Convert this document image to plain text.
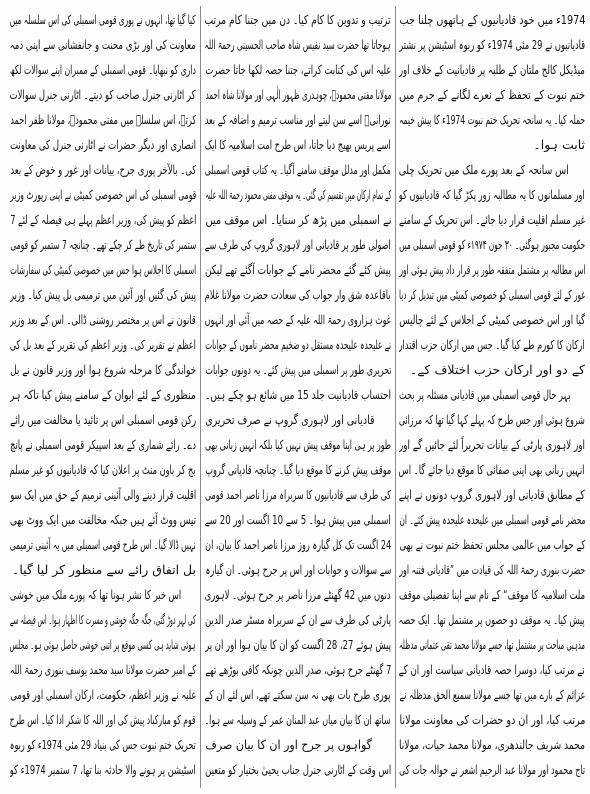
1974ء میں خود قادیانیوں کے ہاتھوں چلنا جب
قادیانیوں نے 29 مئی 1974ء کو ربوہ اسٹیشن پر نشتر
میڈیکل کالج ملتان کے طلبہ پر قادیانیت کے خلاف اور
ختم نبوت کے تحفظ کے نعرے لگانے کے جرم میں
حملہ کیا۔ یہ سانحہ تحریک ختم نبوت 1974ء کا پیش خیمہ
ثابت ہوا۔
اس سانحہ کے بعد پورے ملک میں تحریک چلی
اور مسلمانوں کا یہ مطالبہ زور پکڑ گیا کہ قادیانیوں کو
غیر مسلم اقلیت قرار دیا جائے۔ اس تحریک کے سامنے
حکومت مجبور ہوگئی۔ ۳۰ جون ۱۹۷۴ء کو قومی اسمبلی میں
اس مطالبہ پر مشتمل متفقہ طور پر قرار داد پیش ہوئی اور
غور کے لئے قومی اسمبلی کو خصوصی کمیٹی میں تبدیل کر دیا
گیا اور اس خصوصی کمیٹی کے اجلاس کے لئے چالیس
ارکان کا کورم طے کیا گیا۔ جس میں ارکان حزب اقتدار
کے دو اور ارکان حزب اختلاف کے۔
بہر حال قومی اسمبلی میں قادیانی مسئلہ پر بحث
شروع ہوئی اور جس طرح کہ پہلے کہا گیا تھا کہ مرزائی
اور لاہوری پارٹی کے بیانات تحریراً لئے جائیں گے اور
انہیں زبانی بھی اپنی صفائی کا موقع دیا جائے گا۔ اس
کے مطابق قادیانی اور لاہوری گروپ دونوں نے اپنے
محضر نامے قومی اسمبلی میں علیحدہ علیحدہ پیش کئے۔ ان
کے جواب میں عالمی مجلس تحفظ ختم نبوت نے بھی
حضرت بنوری رحمۃ اللہ کی قیادت میں ”قادیانی فتنہ اور
ملت اسلامیہ کا موقف“ کے نام سے اپنا تفصیلی موقف
پیش کیا۔ یہ موقف دو حصوں پر مشتمل تھا۔ ایک حصہ
مذہبی مباحث پر مشتمل تھا، جسے مولانا محمد تقی عثمانی مدظلہ
نے مرتب کیا، دوسرا حصہ قادیانی سیاست اور ان کے
عزائم کے بارے میں تھا جسے مولانا سمیع الحق مدظلہ نے
مرتب کیا، اور ان دو حضرات کی معاونت مولانا
محمد شریف جالندھری، مولانا محمد حیات، مولانا
تاج محمود اور مولانا عبد الرحیم اشعر نے حوالہ جات کی
ترتیب و تدوین کا کام کیا۔ دن میں جتنا کام مرتب
ہوجاتا تھا حضرت سید نفیس شاہ صاحب الحسینی رحمۃ اللہ
علیہ اس کی کتابت کراتے، جتنا حصہ لکھا جاتا حضرت
مولانا مفتی محمودؒ، چوہدری ظہور الٰہی اور مولانا شاہ احمد
نورانیؒ اسے سن لیتے اور مناسب ترمیم و اضافہ کے بعد
اسے پریس بھیج دیا جاتا، اس طرح امت اسلامیہ کا ایک
مکمل اور مدلل موقف سامنے آگیا۔ یہ کتاب قومی اسمبلی
کے تمام ارکان میں تقسیم کی گئی۔ یہ موقف مفتی محمود رحمۃ اللہ علیہ
نے اسمبلی میں پڑھ کر سنایا۔ اس موقف میں
اصولی طور پر قادیانی اور لاہوری گروپ کی طرف سے
پیش کئے گئے محضر نامے کے جوابات آگئے تھے لیکن
باقاعدہ شق وار جواب کی سعادت حضرت مولانا غلام
غوث ہزاروی رحمۃ اللہ علیہ کے حصہ میں آئی اور انہوں
نے علیحدہ علیحدہ مستقل دو ضخیم محضر ناموں کے جوابات
تحریری طور پر اسمبلی میں پیش کئے۔ یہ دونوں جوابات
احتساب قادیانیت جلد 15 میں شائع ہو چکے ہیں۔
قادیانی اور لاہوری گروپ نے صرف تحریری
طور پر ہی اپنا موقف پیش نہیں کیا بلکہ انہیں زبانی بھی
موقف پیش کرنے کا موقع دیا گیا۔ چنانچہ قادیانی گروپ
کی طرف سے قادیانیوں کا سربراہ مرزا ناصر احمد قومی
اسمبلی میں پیش ہوا۔ 5 سے 10 اگست اور 20 سے
24 اگست تک کل گیارہ روز مرزا ناصر احمد کا بیان، ان
سے سوالات و جوابات اور اس پر جرح ہوئی۔ ان گیارہ
دنوں میں 42 گھنٹے مرزا ناصر پر جرح ہوئی۔ لاہوری
پارٹی کی طرف سے ان کے سربراہ مسٹر صدر الدین
پیش ہوئے 27، 28 اگست کو ان کا بیان ہوا اور ان پر
7 گھنٹے جرح ہوئی، صدر الدین چونکہ کافی بوڑھے تھے
پوری طرح بات بھی نہ سن سکتے تھے، اس لئے ان کے
ساتھ ان کا بیان میاں عبد المنان عمر کے وسیلہ سے ہوا۔
گواہوں پر جرح اور ان کا بیان صرف
اس وقت کے اٹارنی جنرل جناب یحییٰ بختیار کو متعین
کیا گیا تھا، انہوں نے پوری قومی اسمبلی کی اس سلسلہ میں
معاونت کی اور بڑی محنت و جانفشانی سے اپنی ذمہ
داری کو نبھایا۔ قومی اسمبلی کے ممبران اپنے سوالات لکھ
کر اٹارنی جنرل صاحب کو دیتے۔ اٹارنی جنرل سوالات
کرتے، اس سلسلہ میں مفتی محمودؒ، مولانا ظفر احمد
انصاری اور دیگر حضرات نے اٹارنی جنرل کی معاونت
کی۔ بالآخر پوری جرح، بیانات اور غور و خوض کے بعد
قومی اسمبلی کی اس خصوصی کمیٹی نے اپنی رپورٹ وزیر
اعظم کو پیش کی، وزیر اعظم پہلے ہی فیصلہ کے لئے 7
ستمبر کی تاریخ طے کر چکے تھے۔ چنانچہ 7 ستمبر کو قومی
اسمبلی کا اجلاس ہوا جس میں خصوصی کمیٹی کی سفارشات
پیش کی گئیں اور آئین میں ترمیمی بل پیش کیا۔ وزیر
قانون نے اس پر مختصر روشنی ڈالی۔ اس کے بعد وزیر
اعظم نے تقریر کی۔ وزیر اعظم کی تقریر کے بعد بل کی
خواندگی کا مرحلہ شروع ہوا اور وزیر قانون نے بل
منظوری کے لئے ایوان کے سامنے پیش کیا تاکہ ہر
رکن قومی اسمبلی اس پر تائید یا مخالفت میں رائے
دے۔ رائے شماری کے بعد اسپیکر قومی اسمبلی نے پانچ
بج کر باون منٹ پر اعلان کیا کہ قادیانیوں کو غیر مسلم
اقلیت قرار دینے والی آئینی ترمیم کے حق میں ایک سو
تیس ووٹ آئے ہیں جبکہ مخالفت میں ایک ووٹ بھی
نہیں ڈالا گیا۔ اس طرح قومی اسمبلی میں یہ آئینی ترمیمی
بل اتفاق رائے سے منظور کر لیا گیا۔
اس خبر کا نشر ہونا تھا کہ پورے ملک میں خوشی
کی لہر دوڑ گئی، جگہ جگہ خوشی و مسرت کا اظہار ہوا۔ اس فیصلہ سے
ہوئی شاید ہی کسی موقع پر اتنی خوشی حاصل ہوئی ہو۔ مجلس
کے امیر حضرت مولانا سید محمد یوسف بنوری رحمۃ اللہ
علیہ نے وزیر اعظم، حکومت، ارکان اسمبلی اور قومی
قوم کو مبارکباد پیش کی اور اللہ کا شکر ادا کیا۔ اس طرح
تحریک ختم نبوت جس کی بنیاد 29 مئی 1974ء کو ربوہ
اسٹیشن پر ہونے والا حادثہ بنا تھا، 7 ستمبر 1974ء کو
